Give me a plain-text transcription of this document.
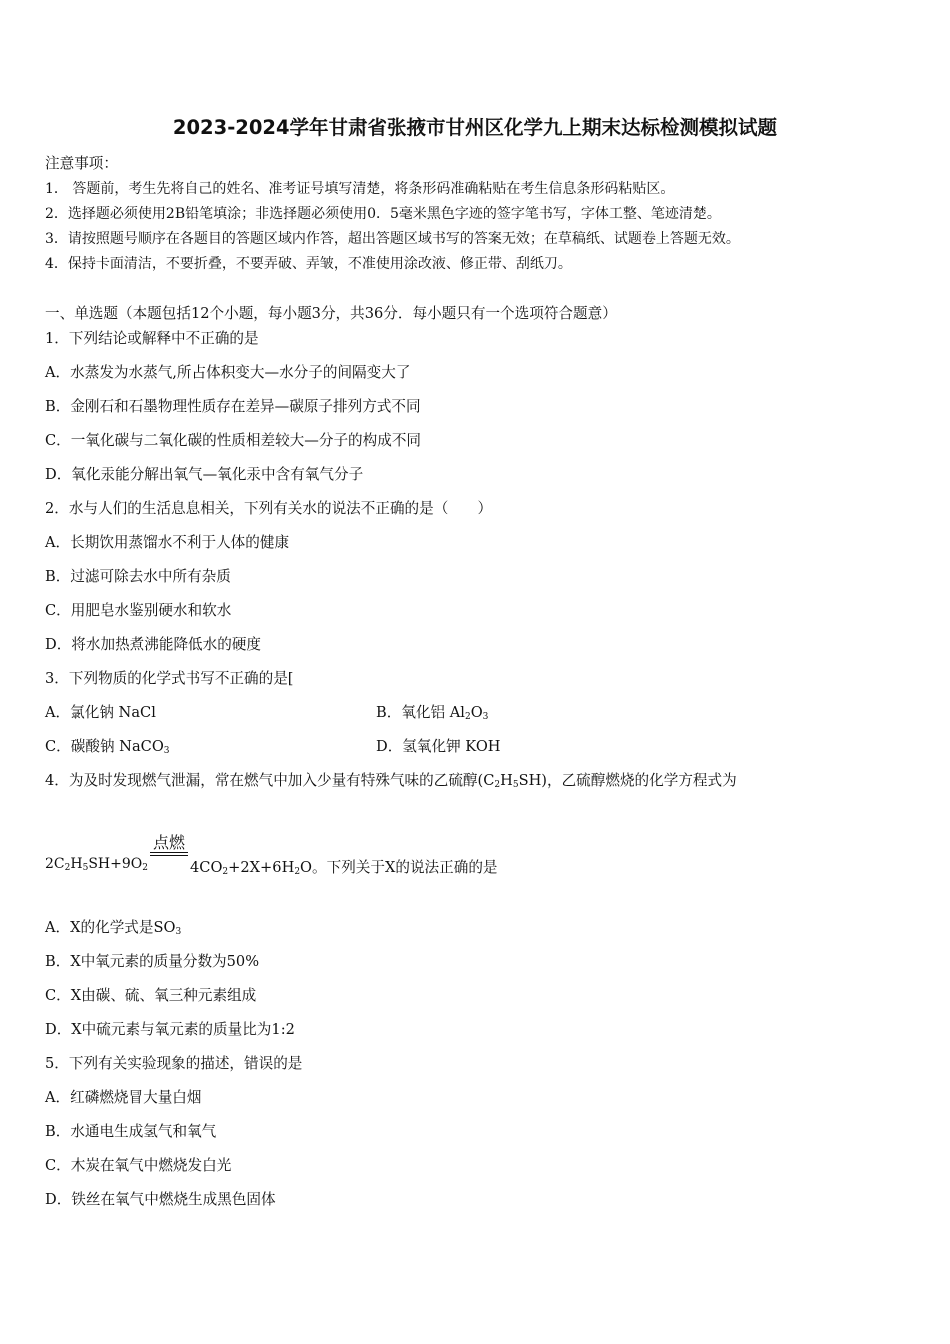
2023-2024学年甘肃省张掖市甘州区化学九上期末达标检测模拟试题
注意事项：
1． 答题前，考生先将自己的姓名、准考证号填写清楚，将条形码准确粘贴在考生信息条形码粘贴区。
2．选择题必须使用2B铅笔填涂；非选择题必须使用0．5毫米黑色字迹的签字笔书写，字体工整、笔迹清楚。
3．请按照题号顺序在各题目的答题区域内作答，超出答题区域书写的答案无效；在草稿纸、试题卷上答题无效。
4．保持卡面清洁，不要折叠，不要弄破、弄皱，不准使用涂改液、修正带、刮纸刀。
一、单选题（本题包括12个小题，每小题3分，共36分．每小题只有一个选项符合题意）
1．下列结论或解释中不正确的是
A．水蒸发为水蒸气,所占体积变大—水分子的间隔变大了
B．金刚石和石墨物理性质存在差异—碳原子排列方式不同
C．一氧化碳与二氧化碳的性质相差较大—分子的构成不同
D．氧化汞能分解出氧气—氧化汞中含有氧气分子
2．水与人们的生活息息相关，下列有关水的说法不正确的是（　　）
A．长期饮用蒸馏水不利于人体的健康
B．过滤可除去水中所有杂质
C．用肥皂水鉴别硬水和软水
D．将水加热煮沸能降低水的硬度
3．下列物质的化学式书写不正确的是[
A．氯化钠 NaCl	B．氧化铝 $Al_2O_3$
C．碳酸钠 NaCO$_3$	D．氢氧化钾 KOH
4．为及时发现燃气泄漏，常在燃气中加入少量有特殊气味的乙硫醇$(C_2H_5SH)$，乙硫醇燃烧的化学方程式为
点燃
$2C_2H_5SH+9O_2$	$4CO_2+2X+6H_2O$。下列关于X的说法正确的是
A．X的化学式是$SO_3$
B．X中氧元素的质量分数为50%
C．X由碳、硫、氧三种元素组成
D．X中硫元素与氧元素的质量比为1:2
5．下列有关实验现象的描述，错误的是
A．红磷燃烧冒大量白烟
B．水通电生成氢气和氧气
C．木炭在氧气中燃烧发白光
D．铁丝在氧气中燃烧生成黑色固体
